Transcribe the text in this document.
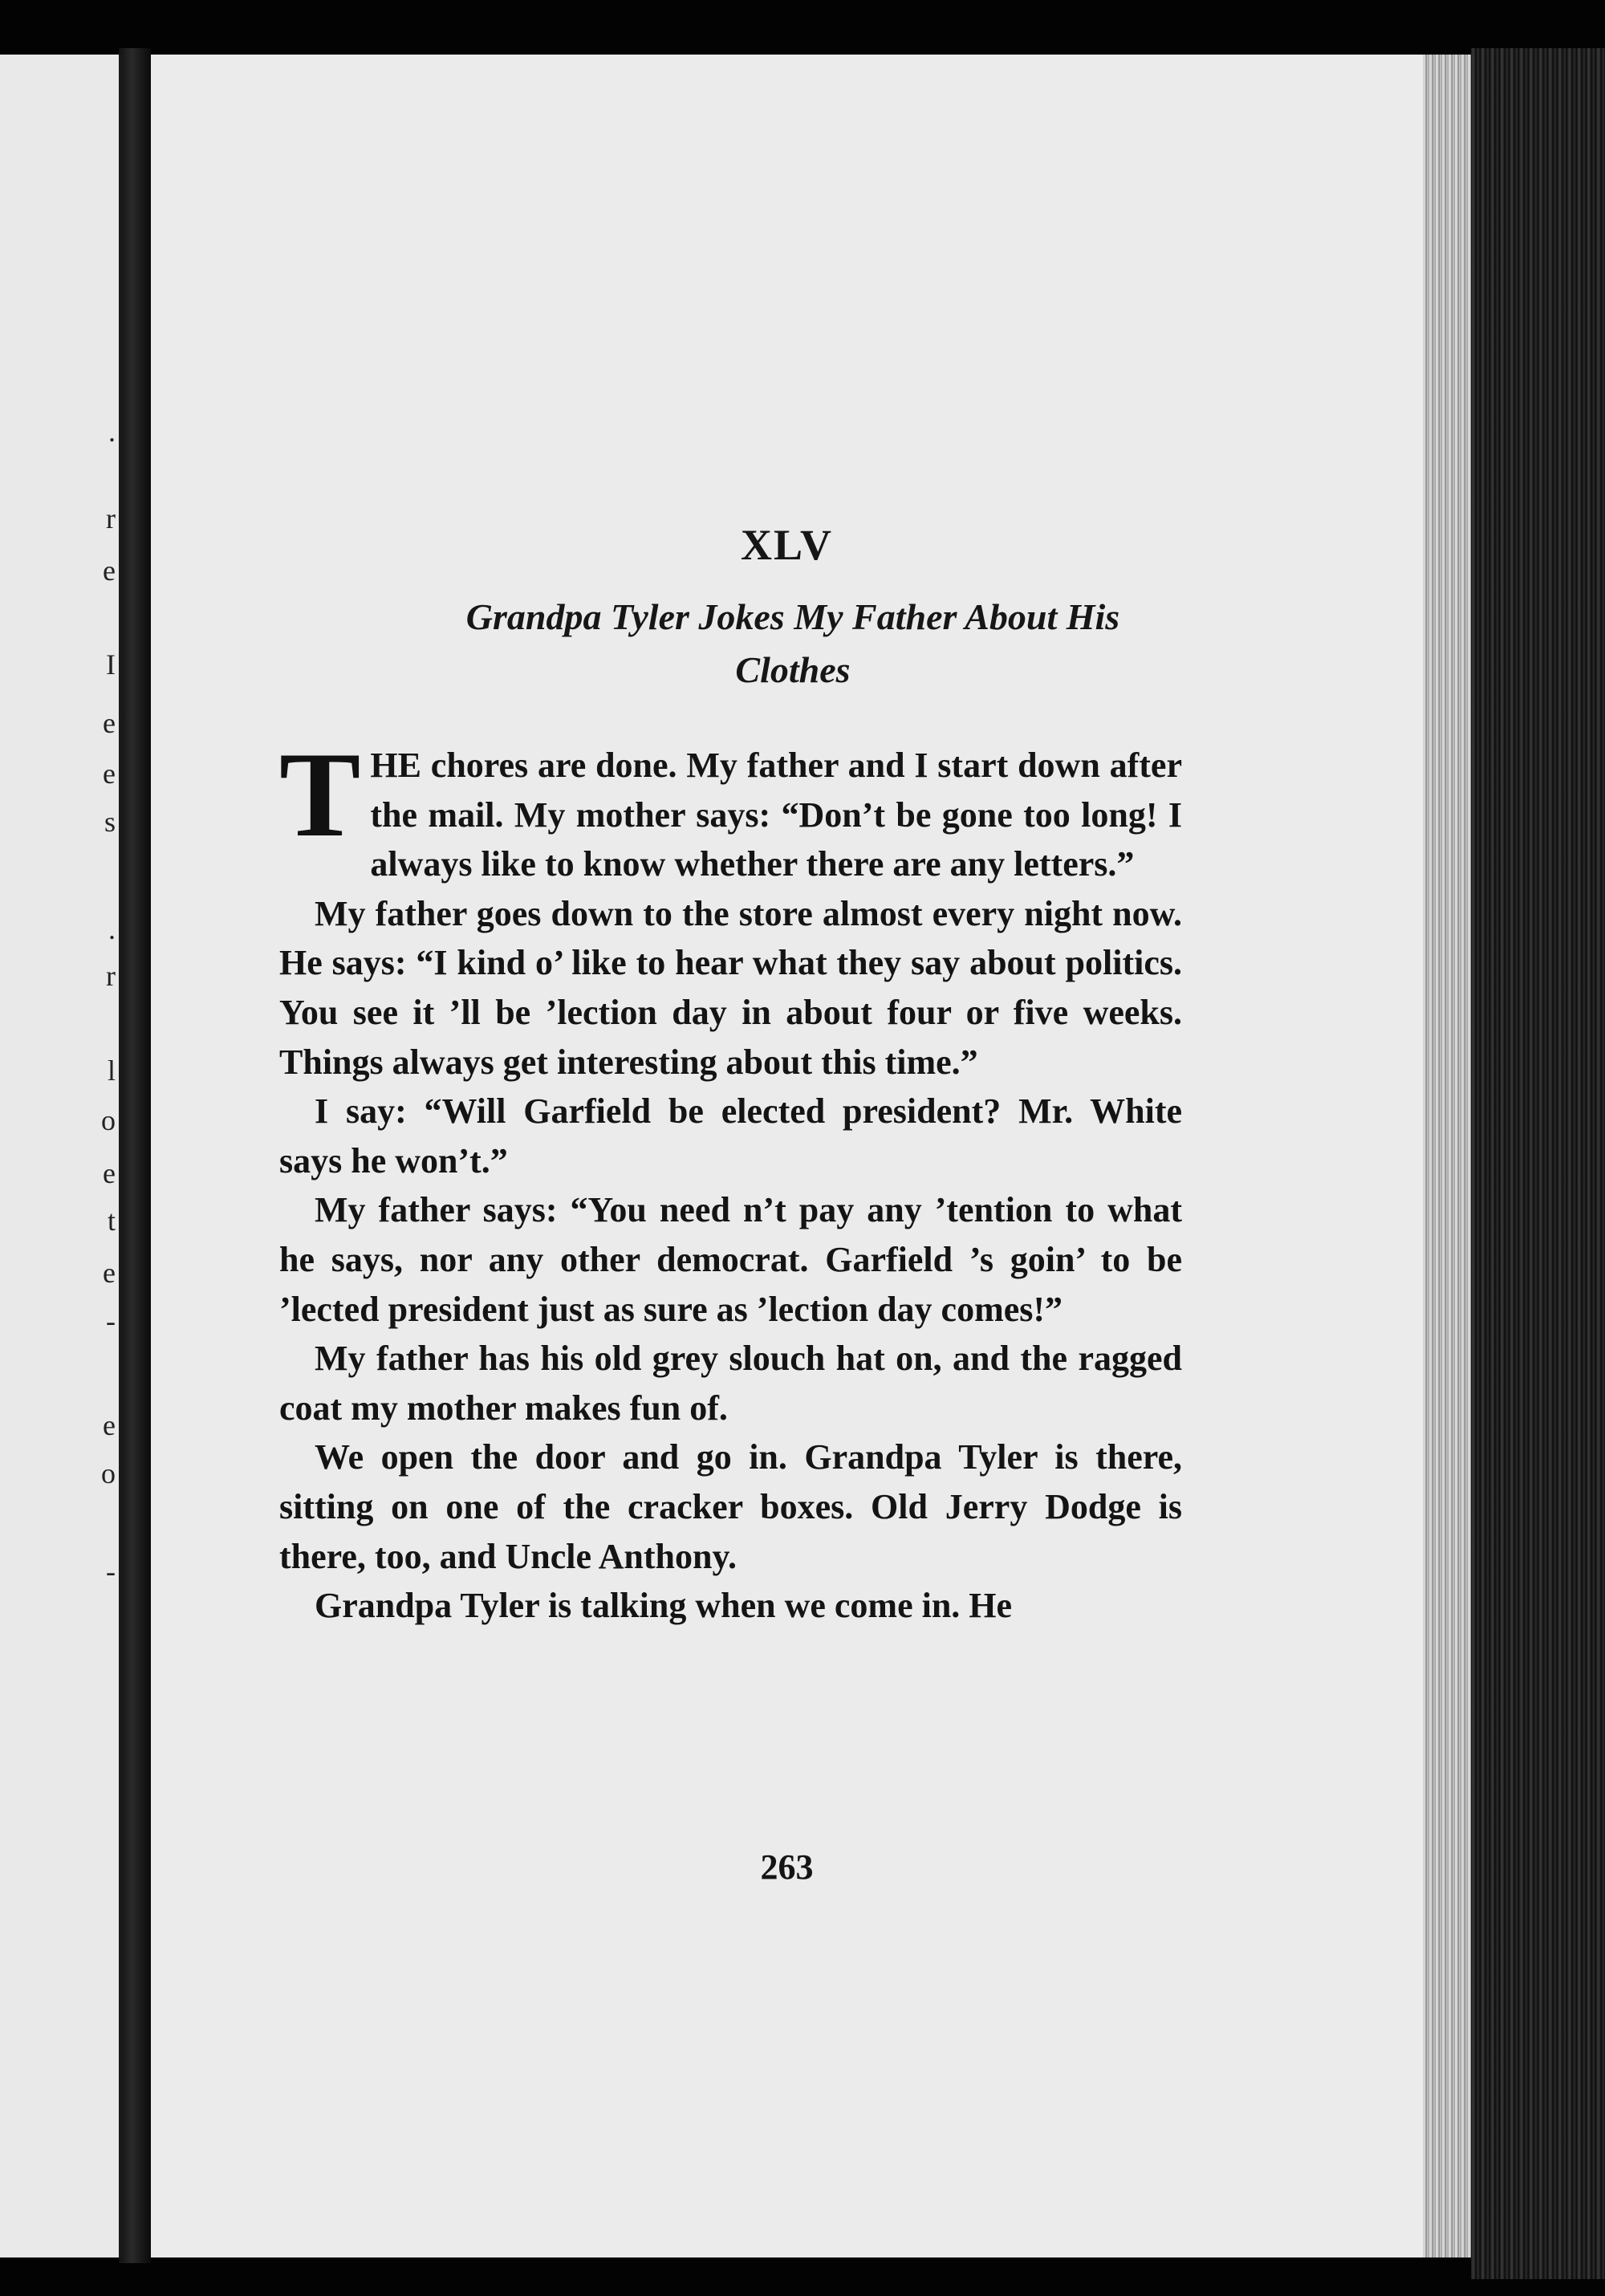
.
r
e
I
e
e
s
.
r
l
o
e
t
e
-
e
o
-
XLV
Grandpa Tyler Jokes My Father About His
Clothes

THE chores are done. My father and I start down after the mail. My mother says: “Don’t be gone too long! I always like to know whether there are any letters.”

My father goes down to the store almost every night now. He says: “I kind o’ like to hear what they say about politics. You see it ’ll be ’lection day in about four or five weeks. Things always get interesting about this time.”

I say: “Will Garfield be elected president? Mr. White says he won’t.”

My father says: “You need n’t pay any ’tention to what he says, nor any other democrat. Garfield ’s goin’ to be ’lected president just as sure as ’lection day comes!”

My father has his old grey slouch hat on, and the ragged coat my mother makes fun of.

We open the door and go in. Grandpa Tyler is there, sitting on one of the cracker boxes. Old Jerry Dodge is there, too, and Uncle Anthony.

Grandpa Tyler is talking when we come in. He

263
